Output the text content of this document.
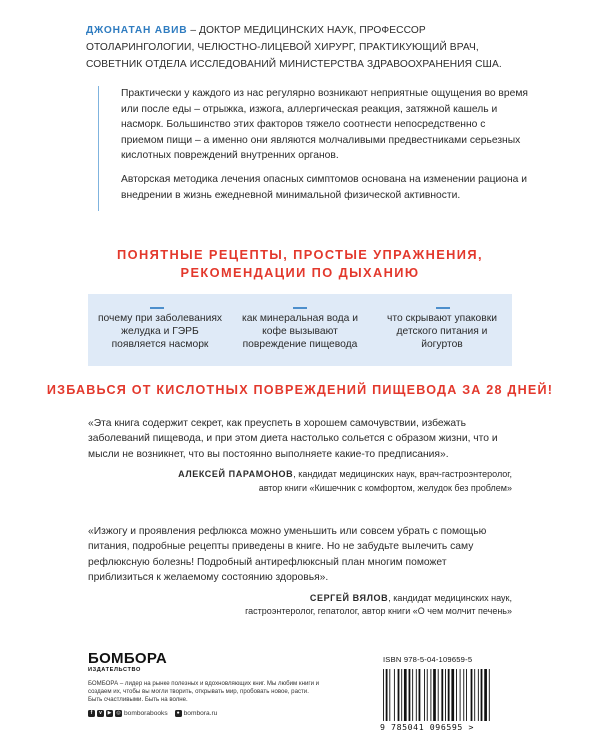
ДЖОНАТАН АВИВ – ДОКТОР МЕДИЦИНСКИХ НАУК, ПРОФЕССОР ОТОЛАРИНГОЛОГИИ, ЧЕЛЮСТНО-ЛИЦЕВОЙ ХИРУРГ, ПРАКТИКУЮЩИЙ ВРАЧ, СОВЕТНИК ОТДЕЛА ИССЛЕДОВАНИЙ МИНИСТЕРСТВА ЗДРАВООХРАНЕНИЯ США.

Практически у каждого из нас регулярно возникают неприятные ощущения во время или после еды – отрыжка, изжога, аллергическая реакция, затяжной кашель и насморк. Большинство этих факторов тяжело соотнести непосредственно с приемом пищи – а именно они являются молчаливыми предвестниками серьезных кислотных повреждений внутренних органов.

Авторская методика лечения опасных симптомов основана на изменении рациона и внедрении в жизнь ежедневной минимальной физической активности.

ПОНЯТНЫЕ РЕЦЕПТЫ, ПРОСТЫЕ УПРАЖНЕНИЯ,
РЕКОМЕНДАЦИИ ПО ДЫХАНИЮ
почему при заболеваниях желудка и ГЭРБ появляется насморк
как минеральная вода и кофе вызывают повреждение пищевода
что скрывают упаковки детского питания и йогуртов
ИЗБАВЬСЯ ОТ КИСЛОТНЫХ ПОВРЕЖДЕНИЙ ПИЩЕВОДА ЗА 28 ДНЕЙ!

«Эта книга содержит секрет, как преуспеть в хорошем самочувствии, избежать заболеваний пищевода, и при этом диета настолько сольется с образом жизни, что и мысли не возникнет, что вы постоянно выполняете какие-то предписания».

АЛЕКСЕЙ ПАРАМОНОВ, кандидат медицинских наук, врач-гастроэнтеролог,
автор книги «Кишечник с комфортом, желудок без проблем»

«Изжогу и проявления рефлюкса можно уменьшить или совсем убрать с помощью питания, подробные рецепты приведены в книге. Но не забудьте вылечить саму рефлюксную болезнь! Подробный антирефлюксный план многим поможет приблизиться к желаемому состоянию здоровья».

СЕРГЕЙ ВЯЛОВ, кандидат медицинских наук,
гастроэнтеролог, гепатолог, автор книги «О чем молчит печень»
БОМБОРА
ИЗДАТЕЛЬСТВО
БОМБОРА – лидер на рынке полезных и вдохновляющих книг. Мы любим книги и создаем их, чтобы вы могли творить, открывать мир, пробовать новое, расти. Быть счастливыми. Быть на волне.
f	v	▶ ◎ bomborabooks	● bombora.ru
ISBN 978-5-04-109659-5
9 785041 096595 >
